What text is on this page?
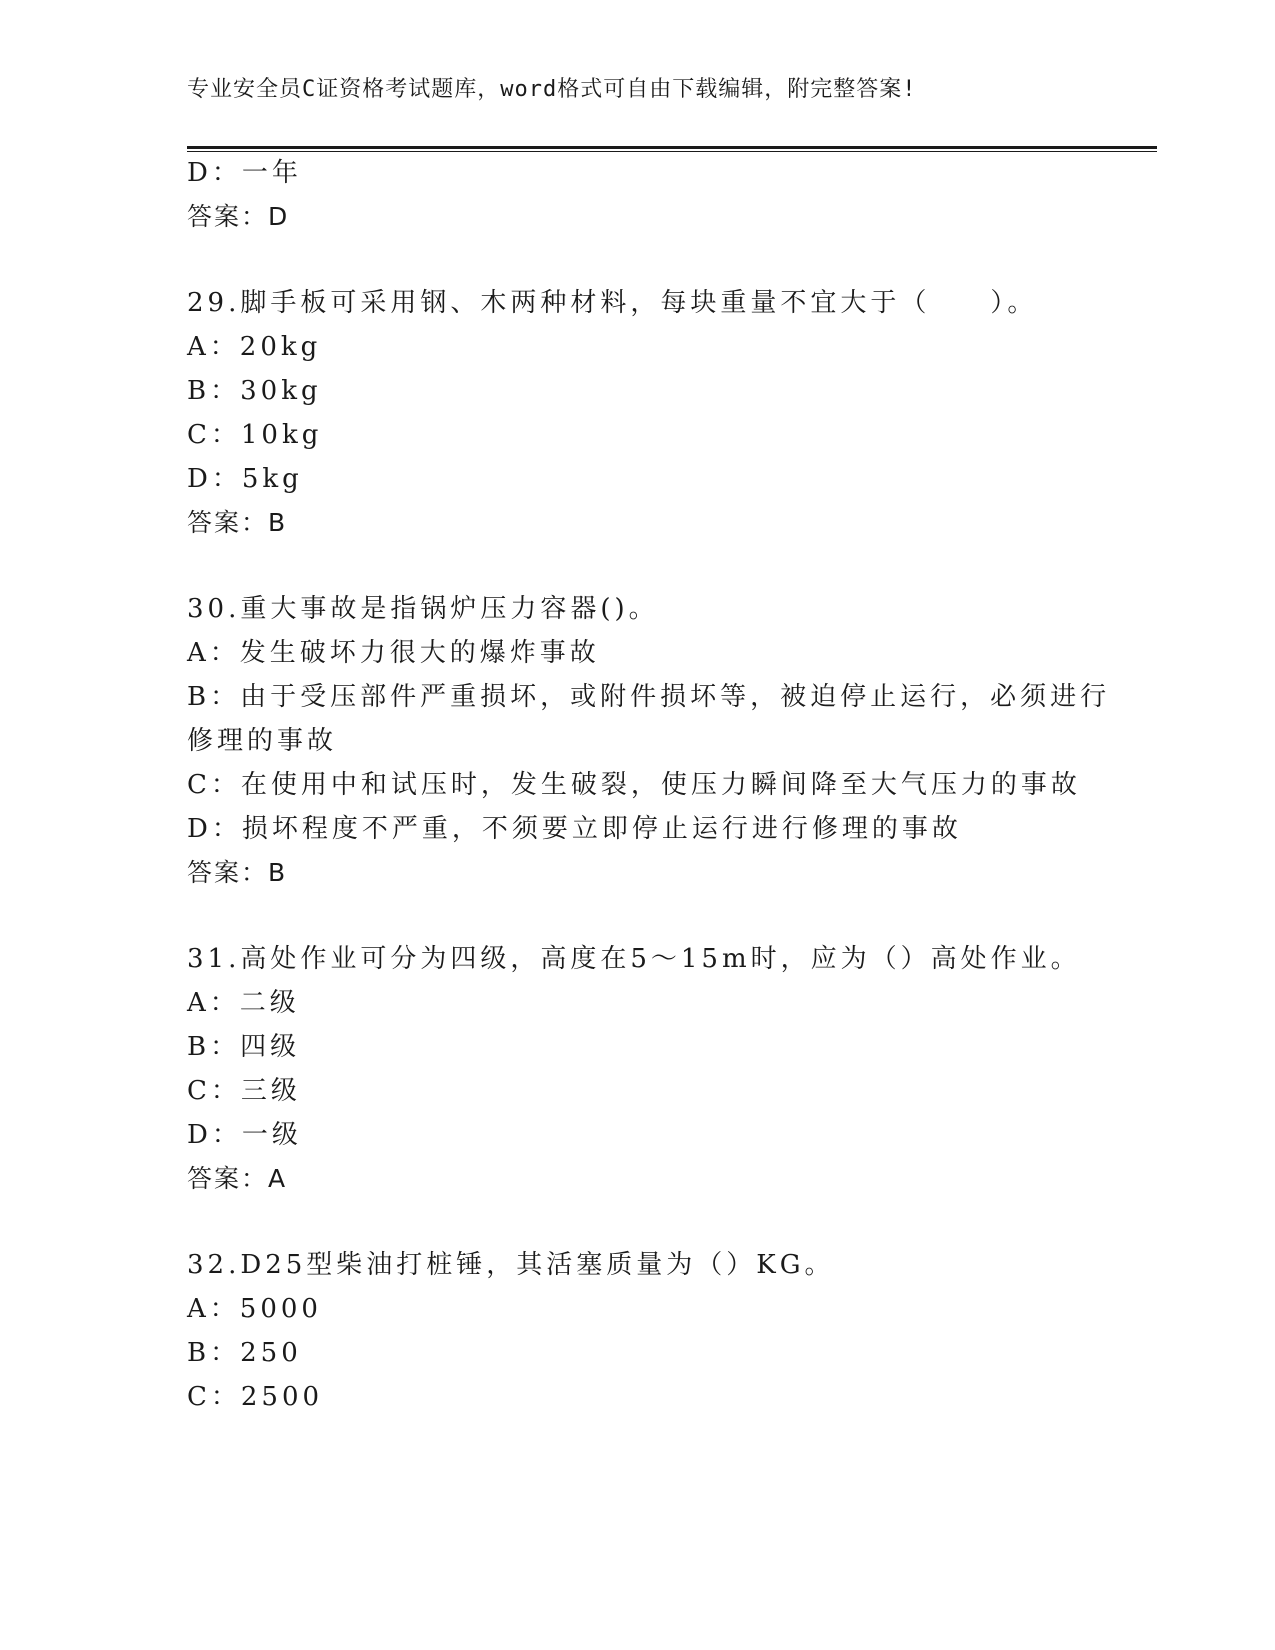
专业安全员C证资格考试题库，word格式可自由下载编辑，附完整答案!
D：一年
答案：D
29.脚手板可采用钢、木两种材料，每块重量不宜大于（　　）。
A：20kg
B：30kg
C：10kg
D：5kg
答案：B
30.重大事故是指锅炉压力容器()。
A：发生破坏力很大的爆炸事故
B：由于受压部件严重损坏，或附件损坏等，被迫停止运行，必须进行
修理的事故
C：在使用中和试压时，发生破裂，使压力瞬间降至大气压力的事故
D：损坏程度不严重，不须要立即停止运行进行修理的事故
答案：B
31.高处作业可分为四级，高度在5～15m时，应为（）高处作业。
A：二级
B：四级
C：三级
D：一级
答案：A
32.D25型柴油打桩锤，其活塞质量为（）KG。
A：5000
B：250
C：2500
